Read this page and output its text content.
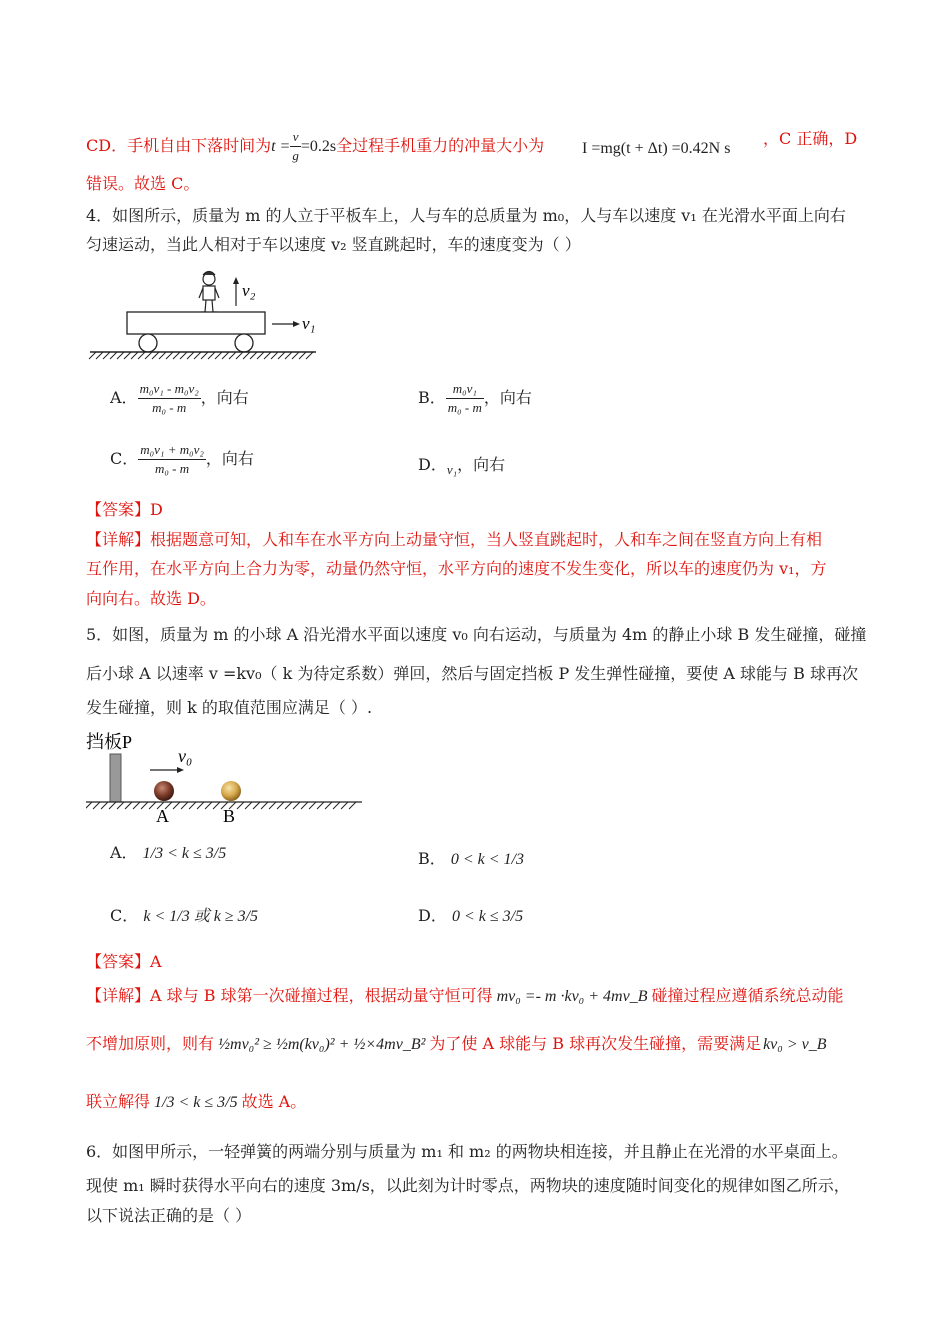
CD．手机自由下落时间为$t = \frac{v}{g} =0.2s$全过程手机重力的冲量大小为 I =mg(t + Δt) =0.42N s
，C 正确，D
错误。故选 C。
4．如图所示，质量为 m 的人立于平板车上，人与车的总质量为 m₀，人与车以速度 v₁ 在光滑水平面上向右
匀速运动，当此人相对于车以速度 v₂ 竖直跳起时，车的速度变为（ ）
v₂
v₁
A． $\frac{\text{m₀v₁ - m₀v₂}}{\text{m₀ - m}}$ ，向右	B． $\frac{\text{m₀v₁}}{\text{m₀ - m}}$ ，向右
C． $\frac{\text{m₀v₁ + m₀v₂}}{\text{m₀ - m}}$ ，向右	D．$_{v_1}$，向右
【答案】D
【详解】根据题意可知，人和车在水平方向上动量守恒，当人竖直跳起时，人和车之间在竖直方向上有相
互作用，在水平方向上合力为零，动量仍然守恒，水平方向的速度不发生变化，所以车的速度仍为 v₁，方
向向右。故选 D。
5．如图，质量为 m 的小球 A 沿光滑水平面以速度 v₀ 向右运动，与质量为 4m 的静止小球 B 发生碰撞，碰撞
后小球 A 以速率 v =kv₀（ k 为待定系数）弹回，然后与固定挡板 P 发生弹性碰撞，要使 A 球能与 B 球再次
发生碰撞，则 k 的取值范围应满足（ ）.
挡板P
v₀
A	B
A． 1/3 < k ≤ 3/5	B． 0 < k < 1/3
C． k < 1/3 或 k ≥ 3/5	D． 0 < k ≤ 3/5
【答案】A
【详解】A 球与 B 球第一次碰撞过程，根据动量守恒可得 mv₀ =- m ·kv₀ + 4mv_B 碰撞过程应遵循系统总动能
不增加原则，则有 ½mv₀² ≥ ½m(kv₀)² + ½×4mv_B² 为了使 A 球能与 B 球再次发生碰撞，需要满足 kv₀ > v_B
联立解得 1/3 < k ≤ 3/5 故选 A。
6．如图甲所示，一轻弹簧的两端分别与质量为 m₁ 和 m₂ 的两物块相连接，并且静止在光滑的水平桌面上。
现使 m₁ 瞬时获得水平向右的速度 3m/s，以此刻为计时零点，两物块的速度随时间变化的规律如图乙所示，
以下说法正确的是（ ）
